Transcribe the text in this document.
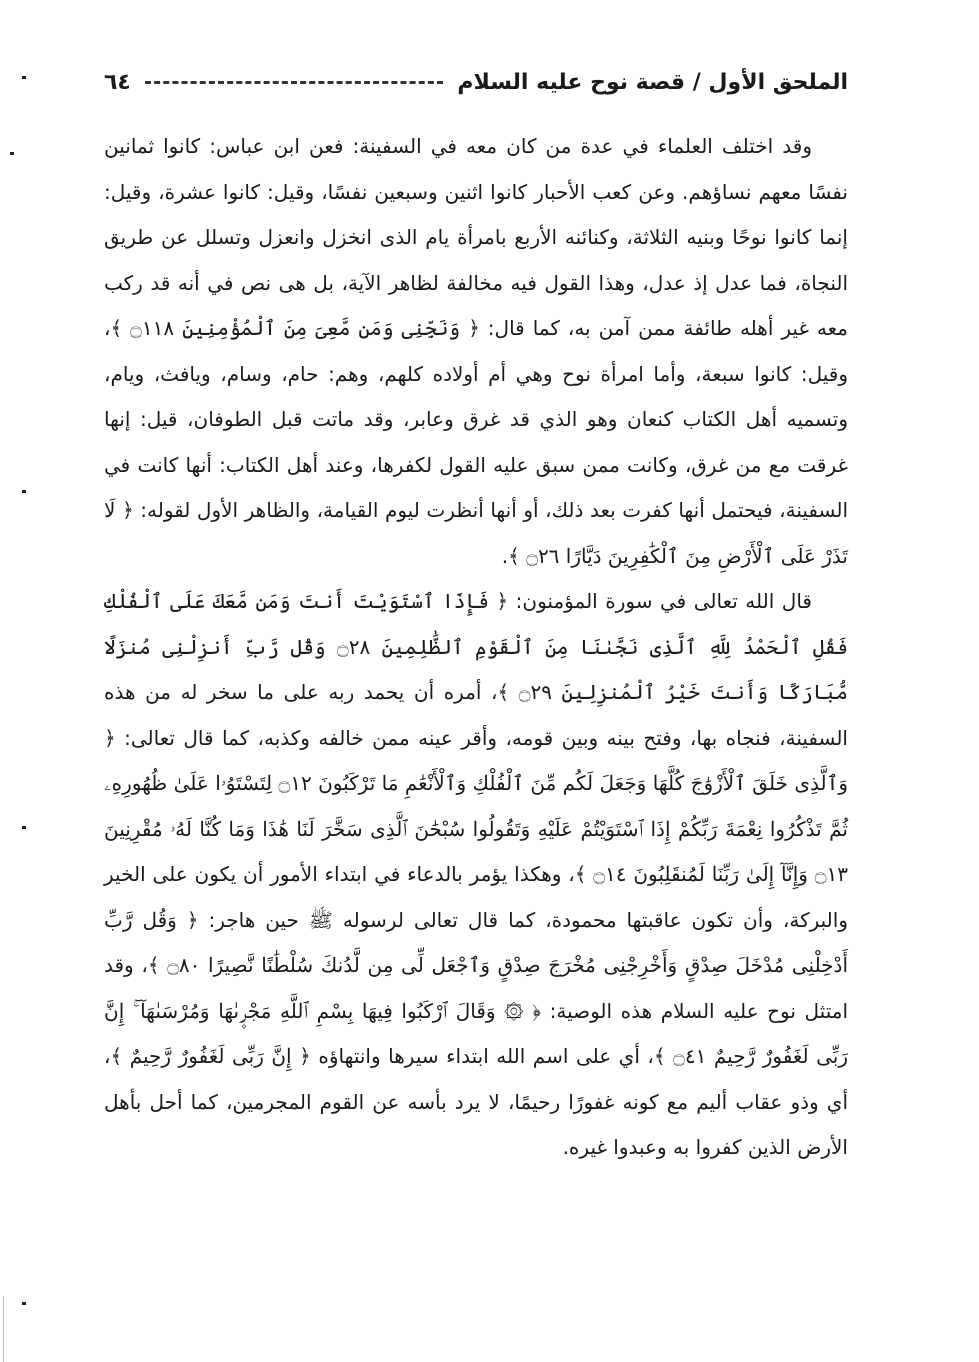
الملحق الأول / قصة نوح عليه السلام
٦٤

وقد اختلف العلماء في عدة من كان معه في السفينة: فعن ابن عباس: كانوا ثمانين نفسًا معهم نساؤهم. وعن كعب الأحبار كانوا اثنين وسبعين نفسًا، وقيل: كانوا عشرة، وقيل: إنما كانوا نوحًا وبنيه الثلاثة، وكنائنه الأربع بامرأة يام الذى انخزل وانعزل وتسلل عن طريق النجاة، فما عدل إذ عدل، وهذا القول فيه مخالفة لظاهر الآية، بل هى نص في أنه قد ركب معه غير أهله طائفة ممن آمن به، كما قال: ﴿ وَنَجِّنِى وَمَن مَّعِىَ مِنَ ٱلْمُؤْمِنِينَ ۝١١٨ ﴾، وقيل: كانوا سبعة، وأما امرأة نوح وهي أم أولاده كلهم، وهم: حام، وسام، ويافث، ويام، وتسميه أهل الكتاب كنعان وهو الذي قد غرق وعابر، وقد ماتت قبل الطوفان، قيل: إنها غرقت مع من غرق، وكانت ممن سبق عليه القول لكفرها، وعند أهل الكتاب: أنها كانت في السفينة، فيحتمل أنها كفرت بعد ذلك، أو أنها أنظرت ليوم القيامة، والظاهر الأول لقوله: ﴿ لَا تَذَرْ عَلَى ٱلْأَرْضِ مِنَ ٱلْكَٰفِرِينَ دَيَّارًا ۝٢٦ ﴾.

قال الله تعالى في سورة المؤمنون: ﴿ فَإِذَا ٱسْتَوَيْتَ أَنتَ وَمَن مَّعَكَ عَلَى ٱلْفُلْكِ فَقُلِ ٱلْحَمْدُ لِلَّهِ ٱلَّذِى نَجَّىٰنَا مِنَ ٱلْقَوْمِ ٱلظَّٰلِمِينَ ۝٢٨ وَقُل رَّبِّ أَنزِلْنِى مُنزَلًا مُّبَارَكًا وَأَنتَ خَيْرُ ٱلْمُنزِلِينَ ۝٢٩ ﴾، أمره أن يحمد ربه على ما سخر له من هذه السفينة، فنجاه بها، وفتح بينه وبين قومه، وأقر عينه ممن خالفه وكذبه، كما قال تعالى: ﴿ وَٱلَّذِى خَلَقَ ٱلْأَزْوَٰجَ كُلَّهَا وَجَعَلَ لَكُم مِّنَ ٱلْفُلْكِ وَٱلْأَنْعَٰمِ مَا تَرْكَبُونَ ۝١٢ لِتَسْتَوُۥا عَلَىٰ ظُهُورِهِۦ ثُمَّ تَذْكُرُوا نِعْمَةَ رَبِّكُمْ إِذَا ٱسْتَوَيْتُمْ عَلَيْهِ وَتَقُولُوا سُبْحَٰنَ ٱلَّذِى سَخَّرَ لَنَا هَٰذَا وَمَا كُنَّا لَهُۥ مُقْرِنِينَ ۝١٣ وَإِنَّآ إِلَىٰ رَبِّنَا لَمُنقَلِبُونَ ۝١٤ ﴾، وهكذا يؤمر بالدعاء في ابتداء الأمور أن يكون على الخير والبركة، وأن تكون عاقبتها محمودة، كما قال تعالى لرسوله ﷺ حين هاجر: ﴿ وَقُل رَّبِّ أَدْخِلْنِى مُدْخَلَ صِدْقٍ وَأَخْرِجْنِى مُخْرَجَ صِدْقٍ وَٱجْعَل لِّى مِن لَّدُنكَ سُلْطَٰنًا نَّصِيرًا ۝٨٠ ﴾، وقد امتثل نوح عليه السلام هذه الوصية: ﴿ ۞ وَقَالَ ٱرْكَبُوا فِيهَا بِسْمِ ٱللَّهِ مَجْر۪ىٰهَا وَمُرْسَىٰهَآ ۚ إِنَّ رَبِّى لَغَفُورٌ رَّحِيمٌ ۝٤١ ﴾، أي على اسم الله ابتداء سيرها وانتهاؤه ﴿ إِنَّ رَبِّى لَغَفُورٌ رَّحِيمٌ ﴾، أي وذو عقاب أليم مع كونه غفورًا رحيمًا، لا يرد بأسه عن القوم المجرمين، كما أحل بأهل الأرض الذين كفروا به وعبدوا غيره.
